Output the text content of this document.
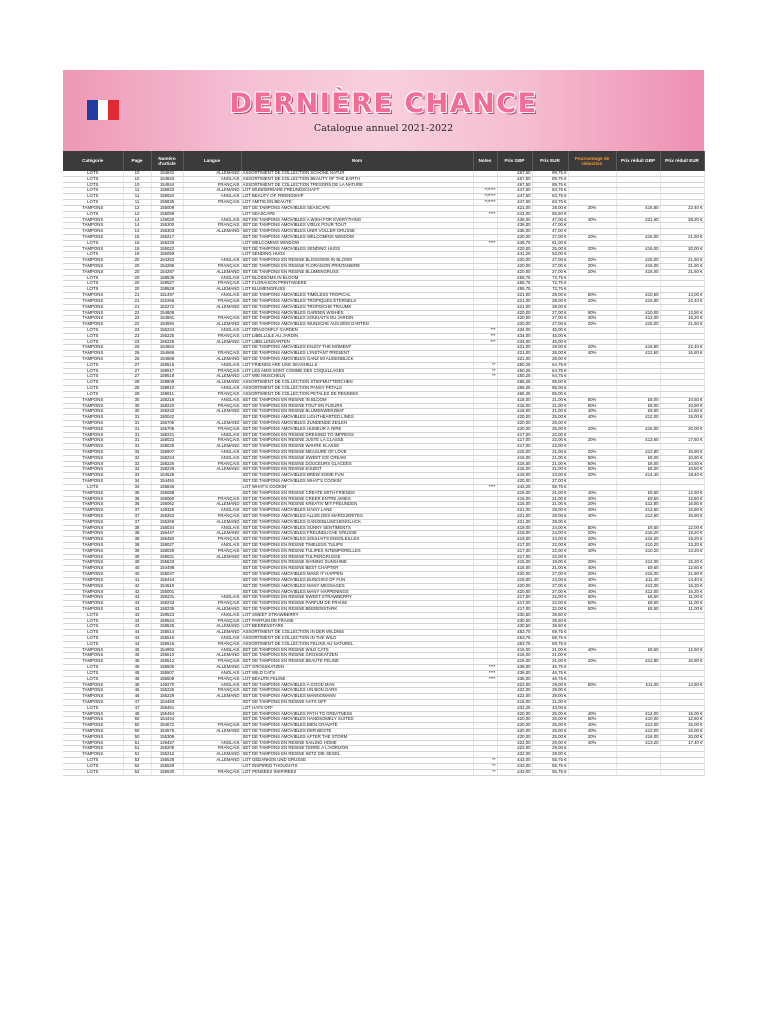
DERNIÈRE CHANCE
Catalogue annuel 2021-2022
Catégorie	Page	Numéro d'article	Langue	Nom	Notes	Prix GBP	Prix EUR	Pourcentage de réduction	Prix réduit GBP	Prix réduit EUR
LOTS	10	154842	ALLEMAND	ASSORTIMENT DE COLLECTION SCHÖNE NATUR		£67,50	89,75 €			
LOTS	10	154843	ANGLAIS	ASSORTIMENT DE COLLECTION BEAUTY OF THE EARTH		£67,50	89,75 €			
LOTS	10	154844	FRANÇAIS	ASSORTIMENT DE COLLECTION TRÉSORS DE LA NATURE		£67,50	89,75 €			
LOTS	11	155833	ALLEMAND	LOT WUNDERBARE FREUNDSCHAFT	**/****	£47,50	63,75 €			
LOTS	11	155834	ANGLAIS	LOT BEAUTY OF FRIENDSHIP	**/****	£47,50	63,75 €			
LOTS	11	155835	FRANÇAIS	LOT AMITIÉ EN BEAUTÉ	**/****	£47,50	63,75 €			
TAMPONS	12	155009		SET DE TAMPONS AMOVIBLES SEASCAPE		£21,00	28,00 €	20%	£16,80	22,40 €
LOTS	12	156059		LOT SEASCAPE	****	£43,00	56,50 €			
TAMPONS	14	149020	ANGLAIS	SET DE TAMPONS AMOVIBLES A WISH FOR EVERYTHING		£36,00	47,00 €	40%	£21,60	28,20 €
TAMPONS	14	155300	FRANÇAIS	SET DE TAMPONS AMOVIBLES VŒUX POUR TOUT		£36,00	47,00 €			
TAMPONS	14	155303	ALLEMAND	SET DE TAMPONS AMOVIBLES UNIR VOLLER GRÜSSE		£36,00	47,00 €			
TAMPONS	15	156217		SET DE TAMPONS AMOVIBLES WELCOMING WINDOW		£20,00	27,00 €	20%	£16,00	21,60 €
LOTS	15	156226		LOT WELCOMING WINDOW	****	£46,75	61,00 €			
TAMPONS	19	155022		SET DE TAMPONS AMOVIBLES SENDING HUGS		£20,00	25,00 €	20%	£16,00	20,00 €
LOTS	19	156059		LOT SENDING HUGS		£41,25	53,00 €			
TAMPONS	20	154263	ANGLAIS	SET DE TAMPONS EN RÉSINE BLOSSOMS IN BLOOM		£20,00	27,00 €	20%	£16,00	21,60 €
TAMPONS	20	154285	FRANÇAIS	SET DE TAMPONS EN RÉSINE FLORAISON PRINTANIÈRE		£20,00	27,00 €	20%	£16,00	21,60 €
TAMPONS	20	154287	ALLEMAND	SET DE TAMPONS EN RÉSINE BLUMENGRUSS		£20,00	27,00 €	20%	£16,00	21,60 €
LOTS	20	159536	ANGLAIS	LOT BLOSSOMS IN BLOOM		£55,75	72,75 €			
LOTS	20	159527	FRANÇAIS	LOT FLORAISON PRINTANIÈRE		£55,75	72,75 €			
LOTS	20	159528	ALLEMAND	LOT BLUMENGRUSS		£55,75	72,75 €			
TAMPONS	21	151497	ANGLAIS	SET DE TAMPONS AMOVIBLES TIMELESS TROPICAL		£21,00	28,00 €	50%	£10,50	14,00 €
TAMPONS	21	152266	FRANÇAIS	SET DE TAMPONS AMOVIBLES TROPIQUES ÉTERNELS		£21,00	28,00 €	20%	£16,80	22,40 €
TAMPONS	21	152272	ALLEMAND	SET DE TAMPONS AMOVIBLES TROPISCHE TRÄUME		£21,00	28,00 €			
TAMPONS	22	154808		SET DE TAMPONS AMOVIBLES GARDEN WISHES		£20,00	27,00 €	50%	£10,00	13,50 €
TAMPONS	22	154591	FRANÇAIS	SET DE TAMPONS AMOVIBLES SOUHAITS DU JARDIN		£20,00	27,00 €	40%	£12,00	16,20 €
TAMPONS	22	154594	ALLEMAND	SET DE TAMPONS AMOVIBLES WÜNSCHE AUS DEM GARTEN		£20,00	27,00 €	20%	£16,00	21,60 €
LOTS	23	156224	ANGLAIS	LOT DRAGONFLY GARDEN	***	£34,00	45,00 €			
LOTS	23	156225	FRANÇAIS	LOT LIBELLULE AU JARDIN	***	£34,00	45,00 €			
LOTS	23	156226	ALLEMAND	LOT LIBELLENGARTEN	***	£34,00	45,00 €			
TAMPONS	26	154652		SET DE TAMPONS AMOVIBLES ENJOY THE MOMENT		£21,00	28,00 €	20%	£16,80	22,40 €
TAMPONS	26	154666	FRANÇAIS	SET DE TAMPONS AMOVIBLES L'INSTANT PRÉSENT		£21,00	28,00 €	40%	£12,60	16,80 €
TAMPONS	26	154669	ALLEMAND	SET DE TAMPONS AMOVIBLES GANZ IM AUGENBLICK		£21,00	28,00 €			
LOTS	27	159516	ANGLAIS	LOT FRIENDS ARE LIKE SEASHELLS	**	£50,25	64,75 €			
LOTS	27	159517	FRANÇAIS	LOT LES AMIS SONT COMME DES COQUILLAGES	**	£50,25	64,75 €			
LOTS	27	159518	ALLEMAND	LOT WIE MUSCHELN	**	£50,25	64,75 €			
LOTS	28	159809	ALLEMAND	ASSORTIMENT DE COLLECTION STIEFMÜTTERCHEN		£65,25	85,00 €			
LOTS	28	159810	ANGLAIS	ASSORTIMENT DE COLLECTION PANSY PETALS		£65,25	85,00 €			
LOTS	28	159811	FRANÇAIS	ASSORTIMENT DE COLLECTION PÉTALES DE PENSÉES		£65,25	85,00 €			
TAMPONS	30	158218	ANGLAIS	SET DE TAMPONS EN RÉSINE IN BLOOM		£16,00	21,00 €	50%	£8,00	10,50 €
TAMPONS	30	158220	FRANÇAIS	SET DE TAMPONS EN RÉSINE TOUT EN FLEURS		£16,00	21,00 €	50%	£8,00	10,50 €
TAMPONS	30	158222	ALLEMAND	SET DE TAMPONS EN RÉSINE BLUMENWERZBAT		£16,00	21,00 €	40%	£9,60	12,60 €
TAMPONS	31	150042		SET DE TAMPONS AMOVIBLES LIGHTHEARTED LINES		£20,00	25,00 €	40%	£12,00	15,00 €
TAMPONS	31	155706	ALLEMAND	SET DE TAMPONS AMOVIBLES ZUNDENDE ZEILEN		£20,00	25,00 €			
TAMPONS	31	155709	FRANÇAIS	SET DE TAMPONS AMOVIBLES HUMEUR À RIRE		£20,00	25,00 €	20%	£16,00	20,00 €
TAMPONS	31	158221	ANGLAIS	SET DE TAMPONS EN RÉSINE DRESSED TO IMPRESS		£17,00	22,00 €			
TAMPONS	31	158023	FRANÇAIS	SET DE TAMPONS EN RÉSINE JUSTE LA CLASSE		£17,00	22,00 €	20%	£13,60	17,60 €
TAMPONS	31	158025	ALLEMAND	SET DE TAMPONS EN RÉSINE WAHRE KLASSE		£17,00	22,00 €			
TAMPONS	32	156907	ANGLAIS	SET DE TAMPONS EN RÉSINE MEASURE OF LOVE		£16,00	21,00 €	20%	£12,80	16,80 €
TAMPONS	32	158224	ANGLAIS	SET DE TAMPONS EN RÉSINE SWEET ICE CREAM		£16,00	21,00 €	50%	£8,00	10,50 €
TAMPONS	32	158226	FRANÇAIS	SET DE TAMPONS EN RÉSINE DOUCEURS GLACÉES		£16,00	21,00 €	50%	£8,00	10,50 €
TAMPONS	32	158228	ALLEMAND	SET DE TAMPONS EN RÉSINE EISZEIT		£16,00	21,00 €	50%	£8,00	10,50 €
TAMPONS	33	154528		SET DE TAMPONS AMOVIBLES BREW SOME FUN		£18,00	23,00 €	20%	£14,40	18,40 €
TAMPONS	34	154491		SET DE TAMPONS AMOVIBLES WHAT'S COOKIN'		£20,00	27,00 €			
LOTS	34	155845		LOT WHAT'S COOKIN'	****	£42,25	55,75 €			
TAMPONS	36	156058		SET DE TAMPONS EN RÉSINE CREATE WITH FRIENDS		£16,00	21,00 €	40%	£9,60	12,60 €
TAMPONS	36	156060	FRANÇAIS	SET DE TAMPONS EN RÉSINE CRÉER ENTRE AMIES		£16,00	21,00 €	40%	£9,60	12,60 €
TAMPONS	36	156062	ALLEMAND	SET DE TAMPONS EN RÉSINE KREATIV MIT FREUNDEN		£16,00	21,00 €	20%	£12,80	16,80 €
TAMPONS	37	149325	ANGLAIS	SET DE TAMPONS AMOVIBLES DAISY LANE		£21,00	28,00 €	40%	£12,60	16,80 €
TAMPONS	37	155263	FRANÇAIS	SET DE TAMPONS AMOVIBLES ALLÉE DES MARGUERITES		£21,00	28,00 €	40%	£12,60	16,80 €
TAMPONS	37	155266	ALLEMAND	SET DE TAMPONS AMOVIBLES GÄNSEBLÜMCHENGLÜCK		£21,00	28,00 €			
TAMPONS	38	156034	ANGLAIS	SET DE TAMPONS AMOVIBLES SUNNY SENTIMENTS		£19,00	24,00 €	50%	£9,50	12,00 €
TAMPONS	38	156447	ALLEMAND	SET DE TAMPONS AMOVIBLES FREUNDLICHE GRÜSSE		£19,00	24,00 €	20%	£15,20	19,20 €
TAMPONS	38	156450	FRANÇAIS	SET DE TAMPONS AMOVIBLES SOUHAITS ENSOLEILLÉS		£19,00	24,00 €	20%	£15,20	19,20 €
TAMPONS	39	158027	ANGLAIS	SET DE TAMPONS EN RÉSINE TIMELESS TULIPS		£17,00	22,00 €	40%	£10,20	13,20 €
TAMPONS	39	158029	FRANÇAIS	SET DE TAMPONS EN RÉSINE TULIPES INTEMPORELLES		£17,00	22,00 €	40%	£10,20	13,20 €
TAMPONS	39	158031	ALLEMAND	SET DE TAMPONS EN RÉSINE TULPENGRÜSSE		£17,00	22,00 €			
TAMPONS	39	155633		SET DE TAMPONS EN RÉSINE SHINING SUNSHINE		£15,00	19,00 €	20%	£12,00	15,20 €
TAMPONS	40	154498		SET DE TAMPONS EN RÉSINE BEST CHAPTER		£16,00	21,00 €	40%	£9,60	12,60 €
TAMPONS	40	155047		SET DE TAMPONS AMOVIBLES MAKE IT HAPPEN		£20,00	27,00 €	20%	£16,00	21,60 €
TAMPONS	41	155444		SET DE TAMPONS AMOVIBLES BUNCHES OF FUN		£19,00	24,00 €	40%	£11,40	14,40 €
TAMPONS	42	154510		SET DE TAMPONS AMOVIBLES MANY MESSAGES		£20,00	27,00 €	40%	£12,00	16,20 €
TAMPONS	42	155001		SET DE TAMPONS AMOVIBLES MANY HAPPENINGS		£20,00	27,00 €	40%	£12,00	16,20 €
TAMPONS	43	158231	ANGLAIS	SET DE TAMPONS EN RÉSINE SWEET STRAWBERRY		£17,00	22,00 €	50%	£8,50	11,00 €
TAMPONS	43	158233	FRANÇAIS	SET DE TAMPONS EN RÉSINE PARFUM DE FRAISE		£17,00	22,00 €	50%	£8,50	11,00 €
TAMPONS	43	158235	ALLEMAND	SET DE TAMPONS EN RÉSINE BEERENSTARK		£17,00	22,00 €	50%	£8,50	11,00 €
LOTS	43	159523	ANGLAIS	LOT SWEET STRAWBERRY		£30,50	39,50 €			
LOTS	43	159524	FRANÇAIS	LOT PARFUM DE FRAISE		£30,50	39,50 €			
LOTS	43	159525	ALLEMAND	LOT BEERENSTARK		£30,50	39,50 €			
LOTS	44	155514	ALLEMAND	ASSORTIMENT DE COLLECTION IN DER WILDNIS		£53,75	69,75 €			
LOTS	44	155515	ANGLAIS	ASSORTIMENT DE COLLECTION IN THE WILD		£53,75	69,75 €			
LOTS	44	155516	FRANÇAIS	ASSORTIMENT DE COLLECTION FÉLINS AU NATUREL		£53,75	69,75 €			
TAMPONS	45	154992	ANGLAIS	SET DE TAMPONS EN RÉSINE WILD CATS		£16,00	21,00 €	40%	£9,60	12,60 €
TAMPONS	45	155510	ALLEMAND	SET DE TAMPONS EN RÉSINE GROSSKATZEN		£16,00	21,00 €			
TAMPONS	45	155512	FRANÇAIS	SET DE TAMPONS EN RÉSINE BEAUTÉ FÉLINE		£16,00	21,00 €	20%	£12,80	16,80 €
LOTS	45	155506	ALLEMAND	LOT GROSSKATZEN	****	£36,00	46,75 €			
LOTS	45	155507	ANGLAIS	LOT WILD CATS	****	£36,00	46,75 €			
LOTS	45	155508	FRANÇAIS	LOT BEAUTÉ FÉLINE	****	£36,00	46,75 €			
TAMPONS	46	149270	ANGLAIS	SET DE TAMPONS AMOVIBLES A GOOD MAN		£22,00	29,00 €	50%	£11,00	14,50 €
TAMPONS	46	155226	FRANÇAIS	SET DE TAMPONS AMOVIBLES UN BON GARS		£22,00	29,00 €			
TAMPONS	46	155229	ALLEMAND	SET DE TAMPONS AMOVIBLES MANNOMANN		£22,00	29,00 €			
TAMPONS	47	154483		SET DE TAMPONS EN RÉSINE HATS OFF		£16,00	21,00 €			
LOTS	47	158461		LOT HATS OFF		£32,25	43,00 €			
TAMPONS	48	155454		SET DE TAMPONS AMOVIBLES PATH TO GREATNESS		£20,00	25,00 €	40%	£12,00	15,00 €
TAMPONS	50	154444		SET DE TAMPONS AMOVIBLES HANDSOMELY SUITED		£20,00	25,00 €	50%	£10,00	12,50 €
TAMPONS	50	154672	FRANÇAIS	SET DE TAMPONS AMOVIBLES BIEN CRAVATÉ		£20,00	25,00 €	40%	£12,00	15,00 €
TAMPONS	50	154675	ALLEMAND	SET DE TAMPONS AMOVIBLES DER BESTE		£20,00	25,00 €	40%	£12,00	15,00 €
TAMPONS	50	155308		SET DE TAMPONS AMOVIBLES AFTER THE STORM		£20,00	25,00 €	20%	£16,00	20,00 €
TAMPONS	51	149457	ANGLAIS	SET DE TAMPONS EN RÉSINE SAILING HOME		£22,00	29,00 €	40%	£13,20	17,40 €
TAMPONS	51	155209	FRANÇAIS	SET DE TAMPONS EN RÉSINE TERRE À L'HORIZON		£22,00	29,00 €			
TAMPONS	51	155212	ALLEMAND	SET DE TAMPONS EN RÉSINE SETZ DIE SEGEL		£22,00	29,00 €			
LOTS	52	155528	ALLEMAND	LOT GEDANKEN UND GRÜSSE	**	£43,00	55,75 €			
LOTS	52	155529		LOT INSPIRED THOUGHTS	**	£43,00	55,75 €			
LOTS	52	155530	FRANÇAIS	LOT PENSÉES INSPIRÉES	**	£43,00	55,75 €			
